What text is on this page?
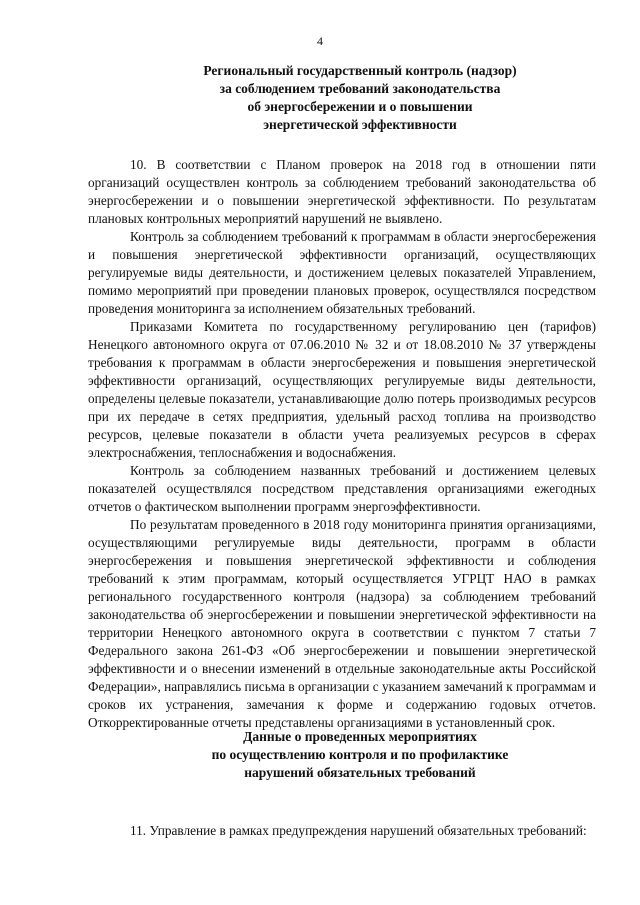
4
Региональный государственный контроль (надзор)
за соблюдением требований законодательства
об энергосбережении и о повышении
энергетической эффективности

10. В соответствии с Планом проверок на 2018 год в отношении пяти организаций осуществлен контроль за соблюдением требований законодательства об энергосбережении и о повышении энергетической эффективности. По результатам плановых контрольных мероприятий нарушений не выявлено.

Контроль за соблюдением требований к программам в области энергосбережения и повышения энергетической эффективности организаций, осуществляющих регулируемые виды деятельности, и достижением целевых показателей Управлением, помимо мероприятий при проведении плановых проверок, осуществлялся посредством проведения мониторинга за исполнением обязательных требований.

Приказами Комитета по государственному регулированию цен (тарифов) Ненецкого автономного округа от 07.06.2010 № 32 и от 18.08.2010 № 37 утверждены требования к программам в области энергосбережения и повышения энергетической эффективности организаций, осуществляющих регулируемые виды деятельности, определены целевые показатели, устанавливающие долю потерь производимых ресурсов при их передаче в сетях предприятия, удельный расход топлива на производство ресурсов, целевые показатели в области учета реализуемых ресурсов в сферах электроснабжения, теплоснабжения и водоснабжения.

Контроль за соблюдением названных требований и достижением целевых показателей осуществлялся посредством представления организациями ежегодных отчетов о фактическом выполнении программ энергоэффективности.

По результатам проведенного в 2018 году мониторинга принятия организациями, осуществляющими регулируемые виды деятельности, программ в области энергосбережения и повышения энергетической эффективности и соблюдения требований к этим программам, который осуществляется УГРЦТ НАО в рамках регионального государственного контроля (надзора) за соблюдением требований законодательства об энергосбережении и повышении энергетической эффективности на территории Ненецкого автономного округа в соответствии с пунктом 7 статьи 7 Федерального закона 261-ФЗ «Об энергосбережении и повышении энергетической эффективности и о внесении изменений в отдельные законодательные акты Российской Федерации», направлялись письма в организации с указанием замечаний к программам и сроков их устранения, замечания к форме и содержанию годовых отчетов. Откорректированные отчеты представлены организациями в установленный срок.

Данные о проведенных мероприятиях
по осуществлению контроля и по профилактике
нарушений обязательных требований

11. Управление в рамках предупреждения нарушений обязательных требований:
